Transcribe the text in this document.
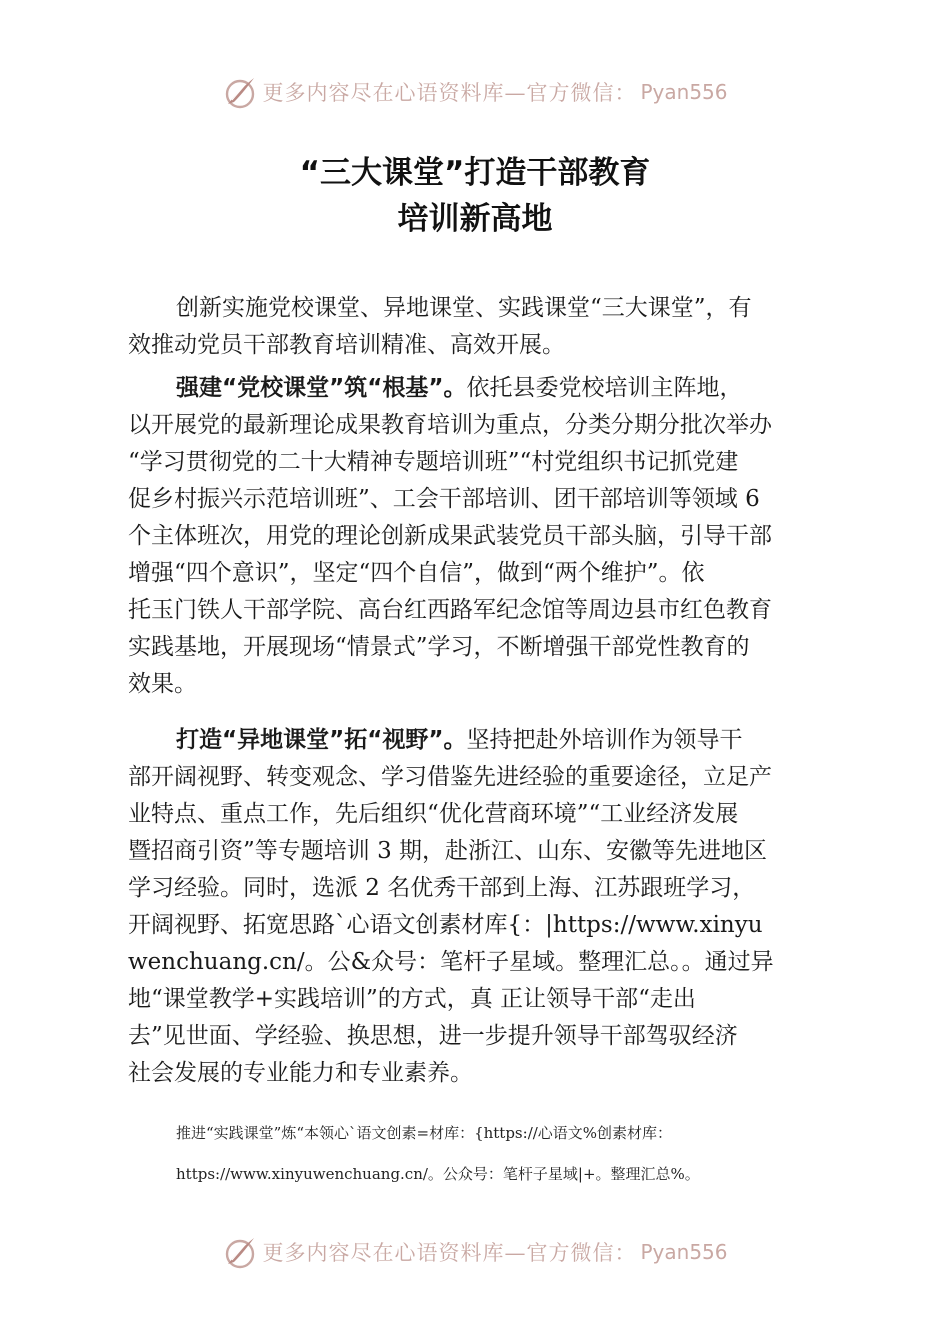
更多内容尽在心语资料库—官方微信： Pyan556
“三大课堂”打造干部教育
培训新高地
创新实施党校课堂、异地课堂、实践课堂“三大课堂”，有
效推动党员干部教育培训精准、高效开展。
强建“党校课堂”筑“根基”。依托县委党校培训主阵地，
以开展党的最新理论成果教育培训为重点，分类分期分批次举办
“学习贯彻党的二十大精神专题培训班”“村党组织书记抓党建
促乡村振兴示范培训班”、工会干部培训、团干部培训等领域 6
个主体班次，用党的理论创新成果武装党员干部头脑，引导干部
增强“四个意识”，坚定“四个自信”，做到“两个维护”。依
托玉门铁人干部学院、高台红西路军纪念馆等周边县市红色教育
实践基地，开展现场“情景式”学习，不断增强干部党性教育的
效果。
打造“异地课堂”拓“视野”。坚持把赴外培训作为领导干
部开阔视野、转变观念、学习借鉴先进经验的重要途径，立足产
业特点、重点工作，先后组织“优化营商环境”“工业经济发展
暨招商引资”等专题培训 3 期，赴浙江、山东、安徽等先进地区
学习经验。同时，选派 2 名优秀干部到上海、江苏跟班学习，
开阔视野、拓宽思路`心语文创素材库{：|https://www.xinyu
wenchuang.cn/。公&众号：笔杆子星域。整理汇总。。通过异
地“课堂教学+实践培训”的方式，真 正让领导干部“走出
去”见世面、学经验、换思想，进一步提升领导干部驾驭经济
社会发展的专业能力和专业素养。
推进“实践课堂”炼“本领心`语文创素=材库：{https://心语文%创素材库：
https://www.xinyuwenchuang.cn/。公众号：笔杆子星域|+。整理汇总%。
更多内容尽在心语资料库—官方微信： Pyan556
